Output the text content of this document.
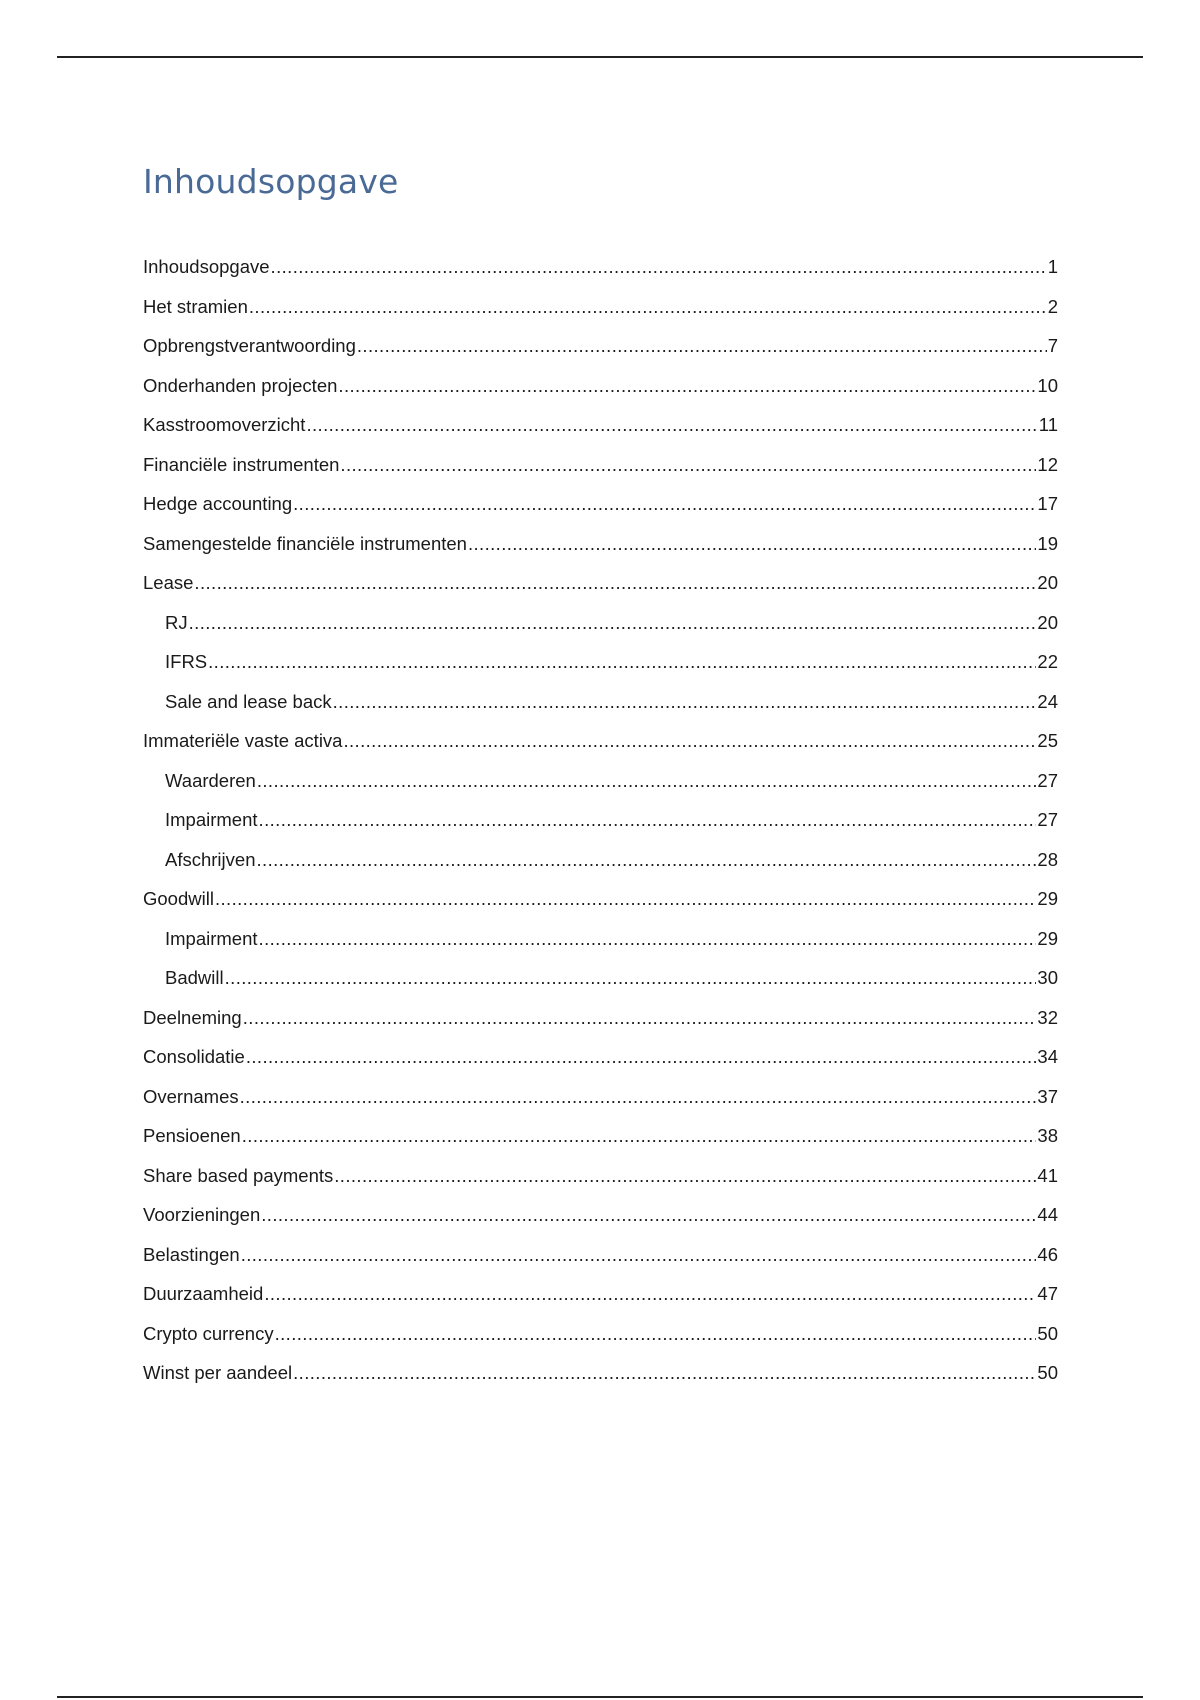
Inhoudsopgave
Inhoudsopgave .....	1
Het stramien .....	2
Opbrengstverantwoording .....	7
Onderhanden projecten .....	10
Kasstroomoverzicht .....	11
Financiële instrumenten .....	12
Hedge accounting .....	17
Samengestelde financiële instrumenten .....	19
Lease .....	20
RJ .....	20
IFRS .....	22
Sale and lease back .....	24
Immateriële vaste activa .....	25
Waarderen .....	27
Impairment .....	27
Afschrijven .....	28
Goodwill .....	29
Impairment .....	29
Badwill .....	30
Deelneming .....	32
Consolidatie .....	34
Overnames .....	37
Pensioenen .....	38
Share based payments .....	41
Voorzieningen .....	44
Belastingen .....	46
Duurzaamheid .....	47
Crypto currency .....	50
Winst per aandeel .....	50
